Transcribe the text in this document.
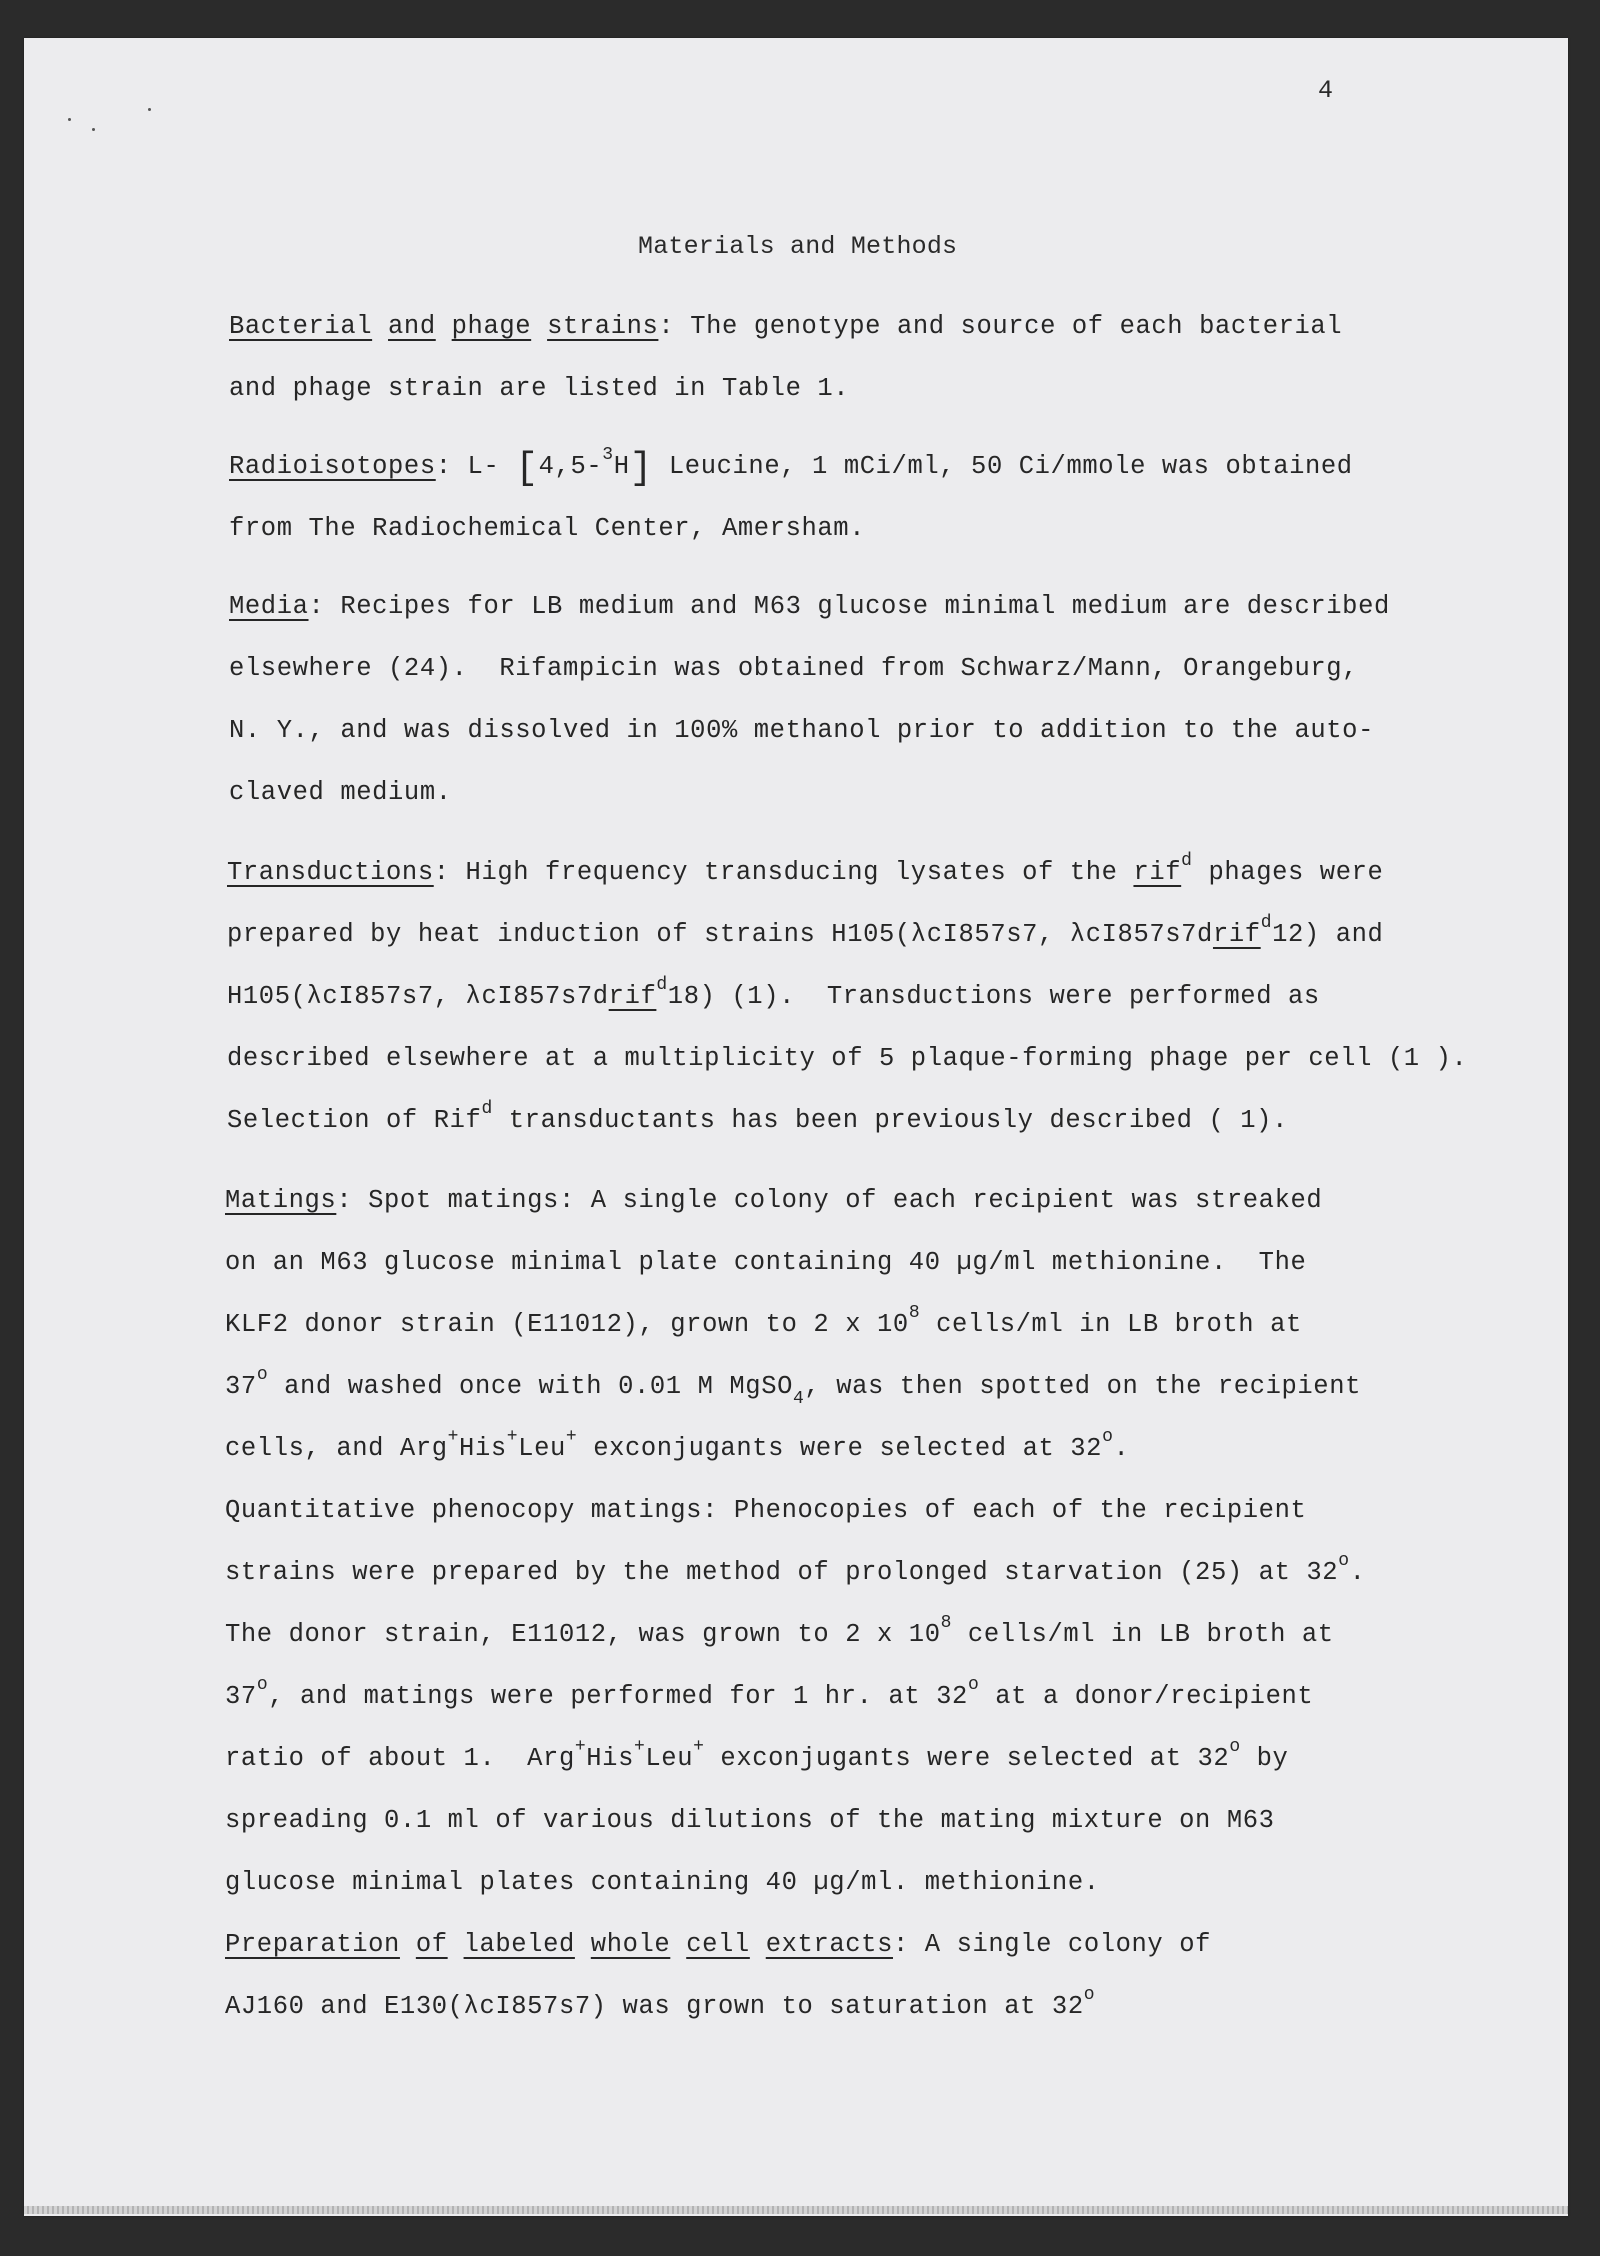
4
Materials and Methods
Bacterial and phage strains: The genotype and source of each bacterial
and phage strain are listed in Table 1.
Radioisotopes: L- [4,5-$^3$H] Leucine, 1 mCi/ml, 50 Ci/mmole was obtained
from The Radiochemical Center, Amersham.
Media: Recipes for LB medium and M63 glucose minimal medium are described
elsewhere (24).  Rifampicin was obtained from Schwarz/Mann, Orangeburg,
N. Y., and was dissolved in 100% methanol prior to addition to the auto-
claved medium.
Transductions: High frequency transducing lysates of the rif$^d$ phages were
prepared by heat induction of strains H105(λcI857s7, λcI857s7drif$^d$12) and
H105(λcI857s7, λcI857s7drif$^d$18) (1).  Transductions were performed as
described elsewhere at a multiplicity of 5 plaque-forming phage per cell (1 ).
Selection of Rif$^d$ transductants has been previously described ( 1).
Matings: Spot matings: A single colony of each recipient was streaked
on an M63 glucose minimal plate containing 40 µg/ml methionine.  The
KLF2 donor strain (E11012), grown to 2 x $10^8$ cells/ml in LB broth at
37$^o$ and washed once with 0.01 M MgSO$_4$, was then spotted on the recipient
cells, and Arg+His+Leu+ exconjugants were selected at 32$^o$.
Quantitative phenocopy matings: Phenocopies of each of the recipient
strains were prepared by the method of prolonged starvation (25) at 32$^o$.
The donor strain, E11012, was grown to 2 x $10^8$ cells/ml in LB broth at
37$^o$, and matings were performed for 1 hr. at 32$^o$ at a donor/recipient
ratio of about 1.  Arg+His+Leu+ exconjugants were selected at 32$^o$ by
spreading 0.1 ml of various dilutions of the mating mixture on M63
glucose minimal plates containing 40 µg/ml. methionine.
Preparation of labeled whole cell extracts: A single colony of
AJ160 and E130(λcI857s7) was grown to saturation at 32$^o$
